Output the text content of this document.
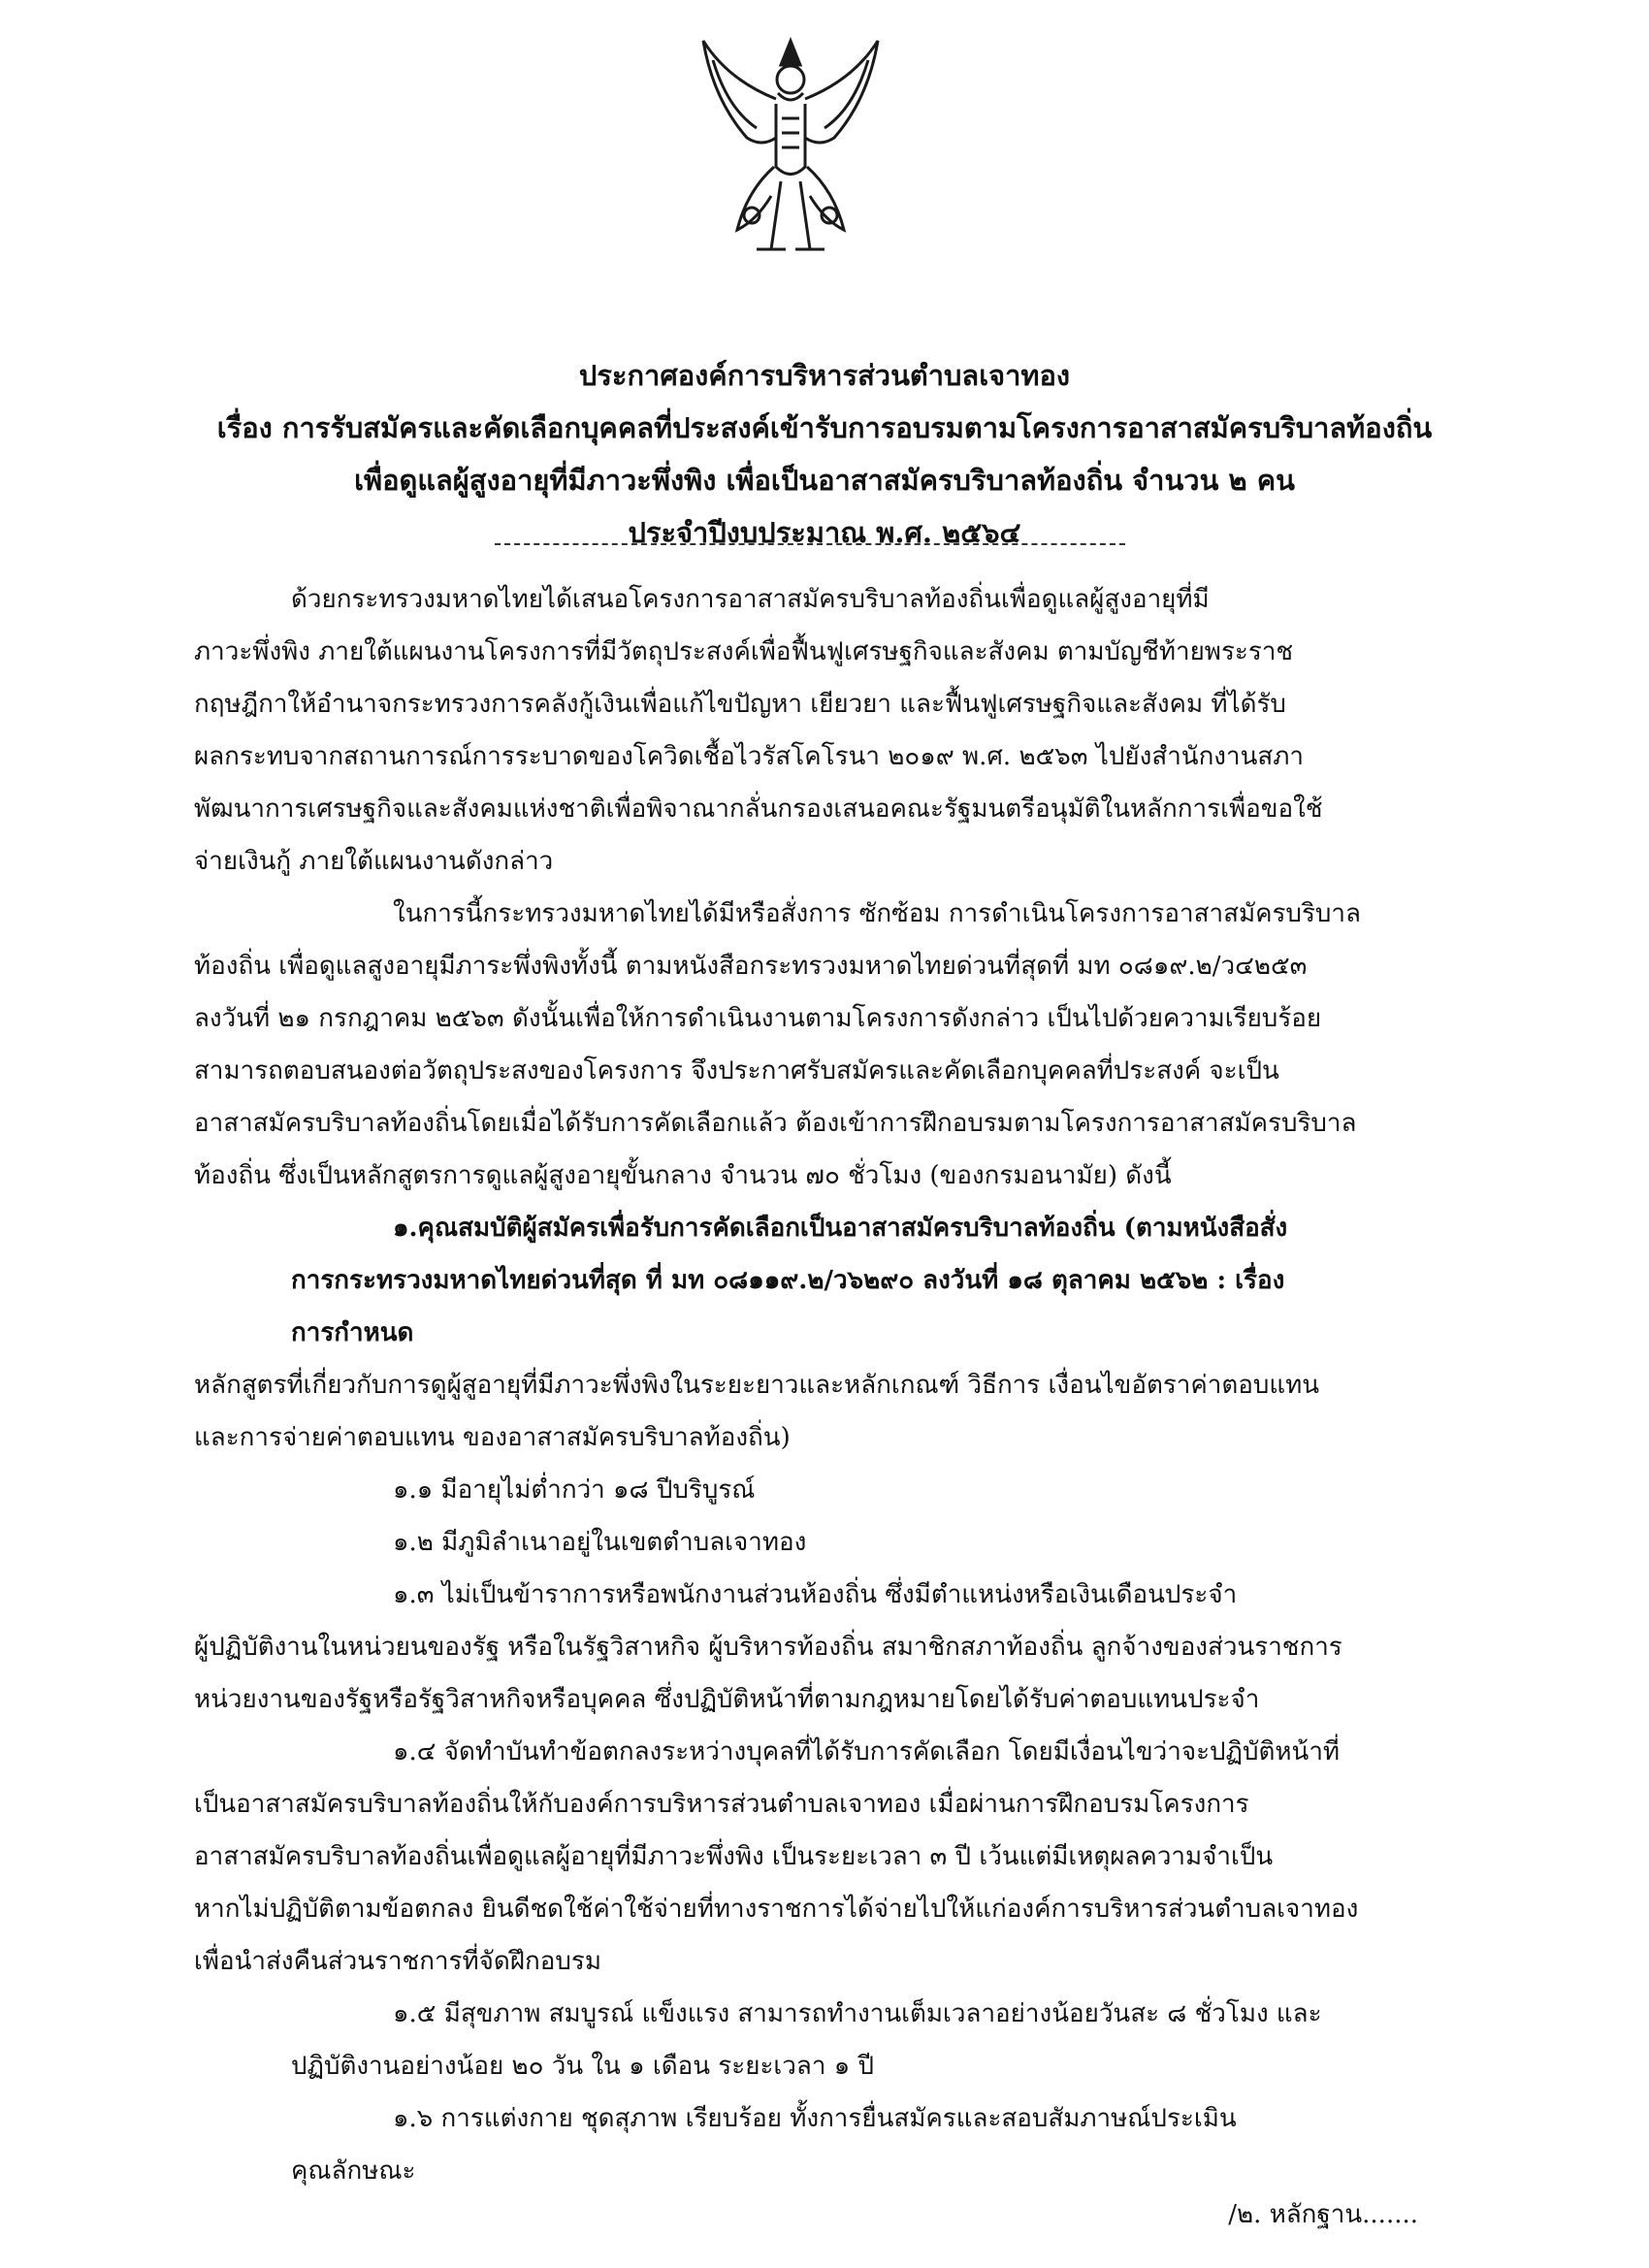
ประกาศองค์การบริหารส่วนตำบลเจาทอง
เรื่อง การรับสมัครและคัดเลือกบุคคลที่ประสงค์เข้ารับการอบรมตามโครงการอาสาสมัครบริบาลท้องถิ่น
เพื่อดูแลผู้สูงอายุที่มีภาวะพึ่งพิง เพื่อเป็นอาสาสมัครบริบาลท้องถิ่น จำนวน ๒ คน
ประจำปีงบประมาณ พ.ศ. ๒๕๖๔
ด้วยกระทรวงมหาดไทยได้เสนอโครงการอาสาสมัครบริบาลท้องถิ่นเพื่อดูแลผู้สูงอายุที่มี
ภาวะพึ่งพิง ภายใต้แผนงานโครงการที่มีวัตถุประสงค์เพื่อฟื้นฟูเศรษฐกิจและสังคม ตามบัญชีท้ายพระราช
กฤษฎีกาให้อำนาจกระทรวงการคลังกู้เงินเพื่อแก้ไขปัญหา เยียวยา และฟื้นฟูเศรษฐกิจและสังคม ที่ได้รับ
ผลกระทบจากสถานการณ์การระบาดของโควิดเชื้อไวรัสโคโรนา ๒๐๑๙ พ.ศ. ๒๕๖๓ ไปยังสำนักงานสภา
พัฒนาการเศรษฐกิจและสังคมแห่งชาติเพื่อพิจาณากลั่นกรองเสนอคณะรัฐมนตรีอนุมัติในหลักการเพื่อขอใช้
จ่ายเงินกู้ ภายใต้แผนงานดังกล่าว
ในการนี้กระทรวงมหาดไทยได้มีหรือสั่งการ ซักซ้อม การดำเนินโครงการอาสาสมัครบริบาล
ท้องถิ่น เพื่อดูแลสูงอายุมีภาระพึ่งพิงทั้งนี้ ตามหนังสือกระทรวงมหาดไทยด่วนที่สุดที่ มท ๐๘๑๙.๒/ว๔๒๕๓
ลงวันที่ ๒๑ กรกฎาคม ๒๕๖๓ ดังนั้นเพื่อให้การดำเนินงานตามโครงการดังกล่าว เป็นไปด้วยความเรียบร้อย
สามารถตอบสนองต่อวัตถุประสงของโครงการ จึงประกาศรับสมัครและคัดเลือกบุคคลที่ประสงค์ จะเป็น
อาสาสมัครบริบาลท้องถิ่นโดยเมื่อได้รับการคัดเลือกแล้ว ต้องเข้าการฝึกอบรมตามโครงการอาสาสมัครบริบาล
ท้องถิ่น ซึ่งเป็นหลักสูตรการดูแลผู้สูงอายุขั้นกลาง จำนวน ๗๐ ชั่วโมง (ของกรมอนามัย) ดังนี้
๑.คุณสมบัติผู้สมัครเพื่อรับการคัดเลือกเป็นอาสาสมัครบริบาลท้องถิ่น (ตามหนังสือสั่ง
การกระทรวงมหาดไทยด่วนที่สุด ที่ มท ๐๘๑๑๙.๒/ว๖๒๙๐ ลงวันที่ ๑๘ ตุลาคม ๒๕๖๒ : เรื่อง
การกำหนด
หลักสูตรที่เกี่ยวกับการดูผู้สูอายุที่มีภาวะพึ่งพิงในระยะยาวและหลักเกณฑ์ วิธีการ เงื่อนไขอัตราค่าตอบแทน
และการจ่ายค่าตอบแทน ของอาสาสมัครบริบาลท้องถิ่น)
๑.๑ มีอายุไม่ต่ำกว่า ๑๘ ปีบริบูรณ์
๑.๒ มีภูมิลำเนาอยู่ในเขตตำบลเจาทอง
๑.๓ ไม่เป็นข้าราการหรือพนักงานส่วนห้องถิ่น ซึ่งมีตำแหน่งหรือเงินเดือนประจำ
ผู้ปฏิบัติงานในหน่วยนของรัฐ หรือในรัฐวิสาหกิจ ผู้บริหารท้องถิ่น สมาชิกสภาท้องถิ่น ลูกจ้างของส่วนราชการ
หน่วยงานของรัฐหรือรัฐวิสาหกิจหรือบุคคล ซึ่งปฏิบัติหน้าที่ตามกฎหมายโดยได้รับค่าตอบแทนประจำ
๑.๔ จัดทำบันทำข้อตกลงระหว่างบุคลที่ได้รับการคัดเลือก โดยมีเงื่อนไขว่าจะปฏิบัติหน้าที่
เป็นอาสาสมัครบริบาลท้องถิ่นให้กับองค์การบริหารส่วนตำบลเจาทอง เมื่อผ่านการฝึกอบรมโครงการ
อาสาสมัครบริบาลท้องถิ่นเพื่อดูแลผู้อายุที่มีภาวะพึ่งพิง เป็นระยะเวลา ๓ ปี เว้นแต่มีเหตุผลความจำเป็น
หากไม่ปฏิบัติตามข้อตกลง ยินดีชดใช้ค่าใช้จ่ายที่ทางราชการได้จ่ายไปให้แก่องค์การบริหารส่วนตำบลเจาทอง
เพื่อนำส่งคืนส่วนราชการที่จัดฝึกอบรม
๑.๕ มีสุขภาพ สมบูรณ์ แข็งแรง สามารถทำงานเต็มเวลาอย่างน้อยวันสะ ๘ ชั่วโมง และ
ปฏิบัติงานอย่างน้อย ๒๐ วัน ใน ๑ เดือน ระยะเวลา ๑ ปี
๑.๖ การแต่งกาย ชุดสุภาพ เรียบร้อย ทั้งการยื่นสมัครและสอบสัมภาษณ์ประเมิน
คุณลักษณะ
/๒. หลักฐาน.......
